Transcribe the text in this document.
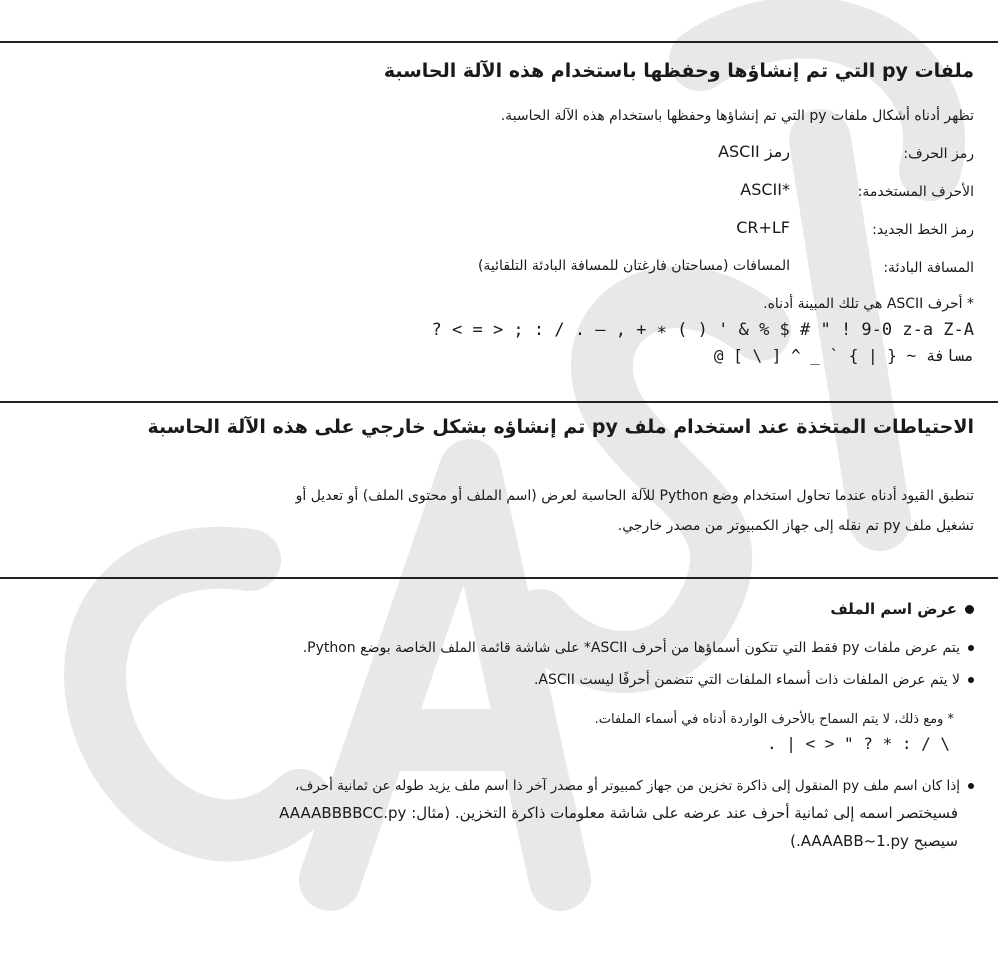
ملفات py التي تم إنشاؤها وحفظها باستخدام هذه الآلة الحاسبة
تظهر أدناه أشكال ملفات py التي تم إنشاؤها وحفظها باستخدام هذه الآلة الحاسبة.
رمز الحرف:
رمز ASCII
الأحرف المستخدمة:
*ASCII
رمز الخط الجديد:
CR+LF
المسافة البادئة:
المسافات (مساحتان فارغتان للمسافة البادئة التلقائية)
* أحرف ASCII هي تلك المبينة أدناه.
? < = > ; : / . – , + ∗ ( ) ' & % $ # " ! 9-0 z-a Z-A
مسافة ~ { | } ` _ ^ [ \ ] @
الاحتياطات المتخذة عند استخدام ملف py تم إنشاؤه بشكل خارجي على هذه الآلة الحاسبة
تنطبق القيود أدناه عندما تحاول استخدام وضع Python للآلة الحاسبة لعرض (اسم الملف أو محتوى الملف) أو تعديل أو
تشغيل ملف py تم نقله إلى جهاز الكمبيوتر من مصدر خارجي.
عرض اسم الملف
يتم عرض ملفات py فقط التي تتكون أسماؤها من أحرف ASCII* على شاشة قائمة الملف الخاصة بوضع Python.
لا يتم عرض الملفات ذات أسماء الملفات التي تتضمن أحرفًا ليست ASCII.
* ومع ذلك، لا يتم السماح بالأحرف الواردة أدناه في أسماء الملفات.
. | < > " ? * : / \
إذا كان اسم ملف py المنقول إلى ذاكرة تخزين من جهاز كمبيوتر أو مصدر آخر ذا اسم ملف يزيد طوله عن ثمانية أحرف،
فسيختصر اسمه إلى ثمانية أحرف عند عرضه على شاشة معلومات ذاكرة التخزين. (مثال: AAAABBBBCC.py
سيصبح AAAABB~1.py.)
